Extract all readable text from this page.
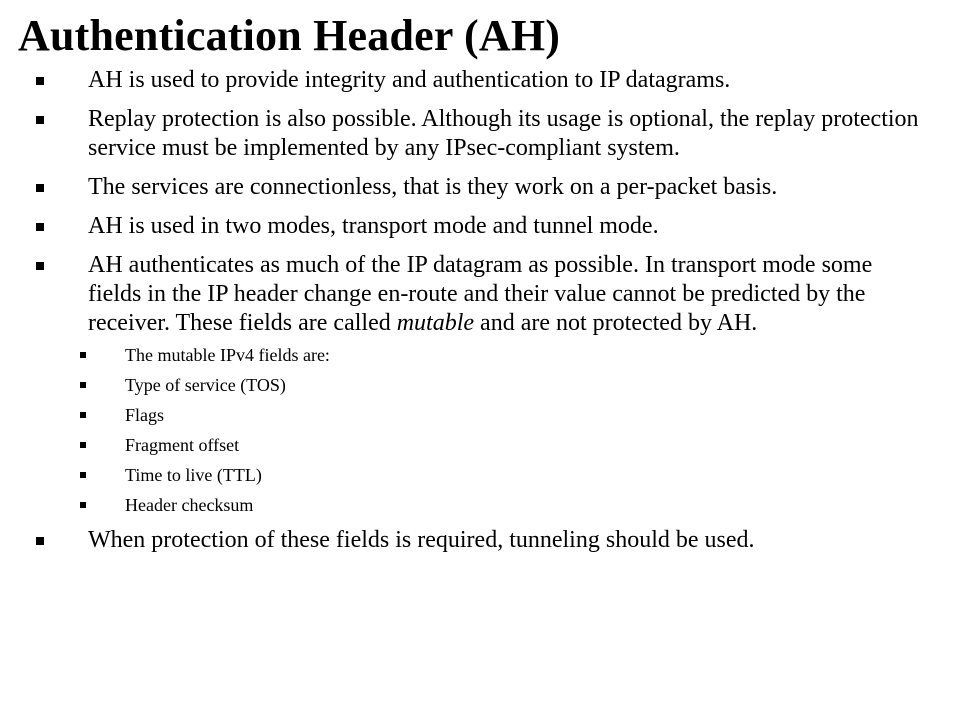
Authentication Header (AH)
AH is used to provide integrity and authentication to IP datagrams.
Replay protection is also possible. Although its usage is optional, the replay protection service must be implemented by any IPsec-compliant system.
The services are connectionless, that is they work on a per-packet basis.
AH is used in two modes, transport mode and tunnel mode.
AH authenticates as much of the IP datagram as possible. In transport mode some fields in the IP header change en-route and their value cannot be predicted by the receiver. These fields are called mutable and are not protected by AH.
The mutable IPv4 fields are:
Type of service (TOS)
Flags
Fragment offset
Time to live (TTL)
Header checksum
When protection of these fields is required, tunneling should be used.
